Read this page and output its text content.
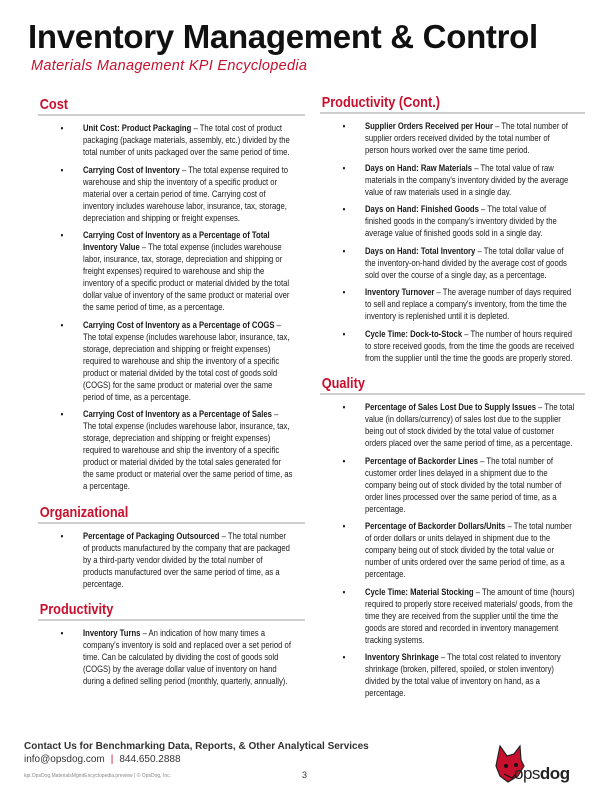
Inventory Management & Control
Materials Management KPI Encyclopedia
Cost
• Unit Cost: Product Packaging – The total cost of product packaging (package materials, assembly, etc.) divided by the total number of units packaged over the same period of time.
• Carrying Cost of Inventory – The total expense required to warehouse and ship the inventory of a specific product or material over a certain period of time. Carrying cost of inventory includes warehouse labor, insurance, tax, storage, depreciation and shipping or freight expenses.
• Carrying Cost of Inventory as a Percentage of Total Inventory Value – The total expense (includes warehouse labor, insurance, tax, storage, depreciation and shipping or freight expenses) required to warehouse and ship the inventory of a specific product or material divided by the total dollar value of inventory of the same product or material over the same period of time, as a percentage.
• Carrying Cost of Inventory as a Percentage of COGS – The total expense (includes warehouse labor, insurance, tax, storage, depreciation and shipping or freight expenses) required to warehouse and ship the inventory of a specific product or material divided by the total cost of goods sold (COGS) for the same product or material over the same period of time, as a percentage.
• Carrying Cost of Inventory as a Percentage of Sales – The total expense (includes warehouse labor, insurance, tax, storage, depreciation and shipping or freight expenses) required to warehouse and ship the inventory of a specific product or material divided by the total sales generated for the same product or material over the same period of time, as a percentage.
Organizational
• Percentage of Packaging Outsourced – The total number of products manufactured by the company that are packaged by a third-party vendor divided by the total number of products manufactured over the same period of time, as a percentage.
Productivity
• Inventory Turns – An indication of how many times a company's inventory is sold and replaced over a set period of time. Can be calculated by dividing the cost of goods sold (COGS) by the average dollar value of inventory on hand during a defined selling period (monthly, quarterly, annually).
Productivity (Cont.)
• Supplier Orders Received per Hour – The total number of supplier orders received divided by the total number of person hours worked over the same time period.
• Days on Hand: Raw Materials – The total value of raw materials in the company's inventory divided by the average value of raw materials used in a single day.
• Days on Hand: Finished Goods – The total value of finished goods in the company's inventory divided by the average value of finished goods sold in a single day.
• Days on Hand: Total Inventory – The total dollar value of the inventory-on-hand divided by the average cost of goods sold over the course of a single day, as a percentage.
• Inventory Turnover – The average number of days required to sell and replace a company's inventory, from the time the inventory is replenished until it is depleted.
• Cycle Time: Dock-to-Stock – The number of hours required to store received goods, from the time the goods are received from the supplier until the time the goods are properly stored.
Quality
• Percentage of Sales Lost Due to Supply Issues – The total value (in dollars/currency) of sales lost due to the supplier being out of stock divided by the total value of customer orders placed over the same period of time, as a percentage.
• Percentage of Backorder Lines – The total number of customer order lines delayed in a shipment due to the company being out of stock divided by the total number of order lines processed over the same period of time, as a percentage.
• Percentage of Backorder Dollars/Units – The total number of order dollars or units delayed in shipment due to the company being out of stock divided by the total value or number of units ordered over the same period of time, as a percentage.
• Cycle Time: Material Stocking – The amount of time (hours) required to properly store received materials/ goods, from the time they are received from the supplier until the time the goods are stored and recorded in inventory management tracking systems.
• Inventory Shrinkage – The total cost related to inventory shrinkage (broken, pilfered, spoiled, or stolen inventory) divided by the total value of inventory on hand, as a percentage.
Contact Us for Benchmarking Data, Reports, & Other Analytical Services
info@opsdog.com | 844.650.2888
kpi.OpsDog.MaterialsMgmtEncyclopedia.preview | © OpsDog, Inc.	3	opsdog
